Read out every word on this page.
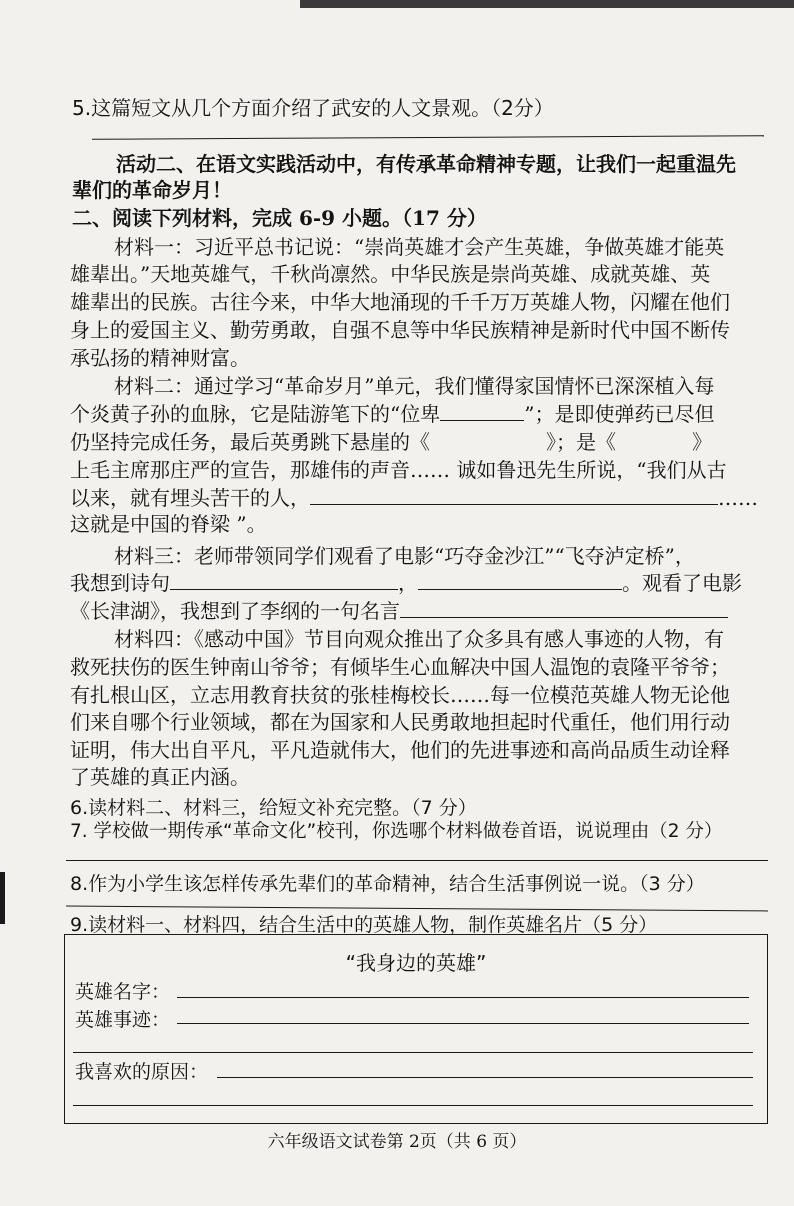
5.这篇短文从几个方面介绍了武安的人文景观。（2分）
活动二、在语文实践活动中，有传承革命精神专题，让我们一起重温先
辈们的革命岁月！
二、阅读下列材料，完成 6-9 小题。（17 分）
材料一：习近平总书记说：“崇尚英雄才会产生英雄，争做英雄才能英
雄辈出。”天地英雄气，千秋尚凛然。中华民族是崇尚英雄、成就英雄、英
雄辈出的民族。古往今来，中华大地涌现的千千万万英雄人物，闪耀在他们
身上的爱国主义、勤劳勇敢，自强不息等中华民族精神是新时代中国不断传
承弘扬的精神财富。
材料二：通过学习“革命岁月”单元，我们懂得家国情怀已深深植入每
个炎黄子孙的血脉，它是陆游笔下的“位卑	”；是即使弹药已尽但
仍坚持完成任务，最后英勇跳下悬崖的《	》；是《	》
上毛主席那庄严的宣告，那雄伟的声音…… 诚如鲁迅先生所说，“我们从古
以来，就有埋头苦干的人，	……
这就是中国的脊梁 ”。
材料三：老师带领同学们观看了电影“巧夺金沙江”“飞夺泸定桥”，
我想到诗句	，	。观看了电影
《长津湖》，我想到了李纲的一句名言
材料四：《感动中国》节目向观众推出了众多具有感人事迹的人物，有
救死扶伤的医生钟南山爷爷；有倾毕生心血解决中国人温饱的袁隆平爷爷；
有扎根山区，立志用教育扶贫的张桂梅校长……每一位模范英雄人物无论他
们来自哪个行业领域，都在为国家和人民勇敢地担起时代重任，他们用行动
证明，伟大出自平凡，平凡造就伟大，他们的先进事迹和高尚品质生动诠释
了英雄的真正内涵。
6.读材料二、材料三，给短文补充完整。（7 分）
7. 学校做一期传承“革命文化”校刊，你选哪个材料做卷首语，说说理由（2 分）
8.作为小学生该怎样传承先辈们的革命精神，结合生活事例说一说。（3 分）
9.读材料一、材料四，结合生活中的英雄人物，制作英雄名片（5 分）
“我身边的英雄”
英雄名字：
英雄事迹：
我喜欢的原因：
六年级语文试卷第 2页（共 6 页）
